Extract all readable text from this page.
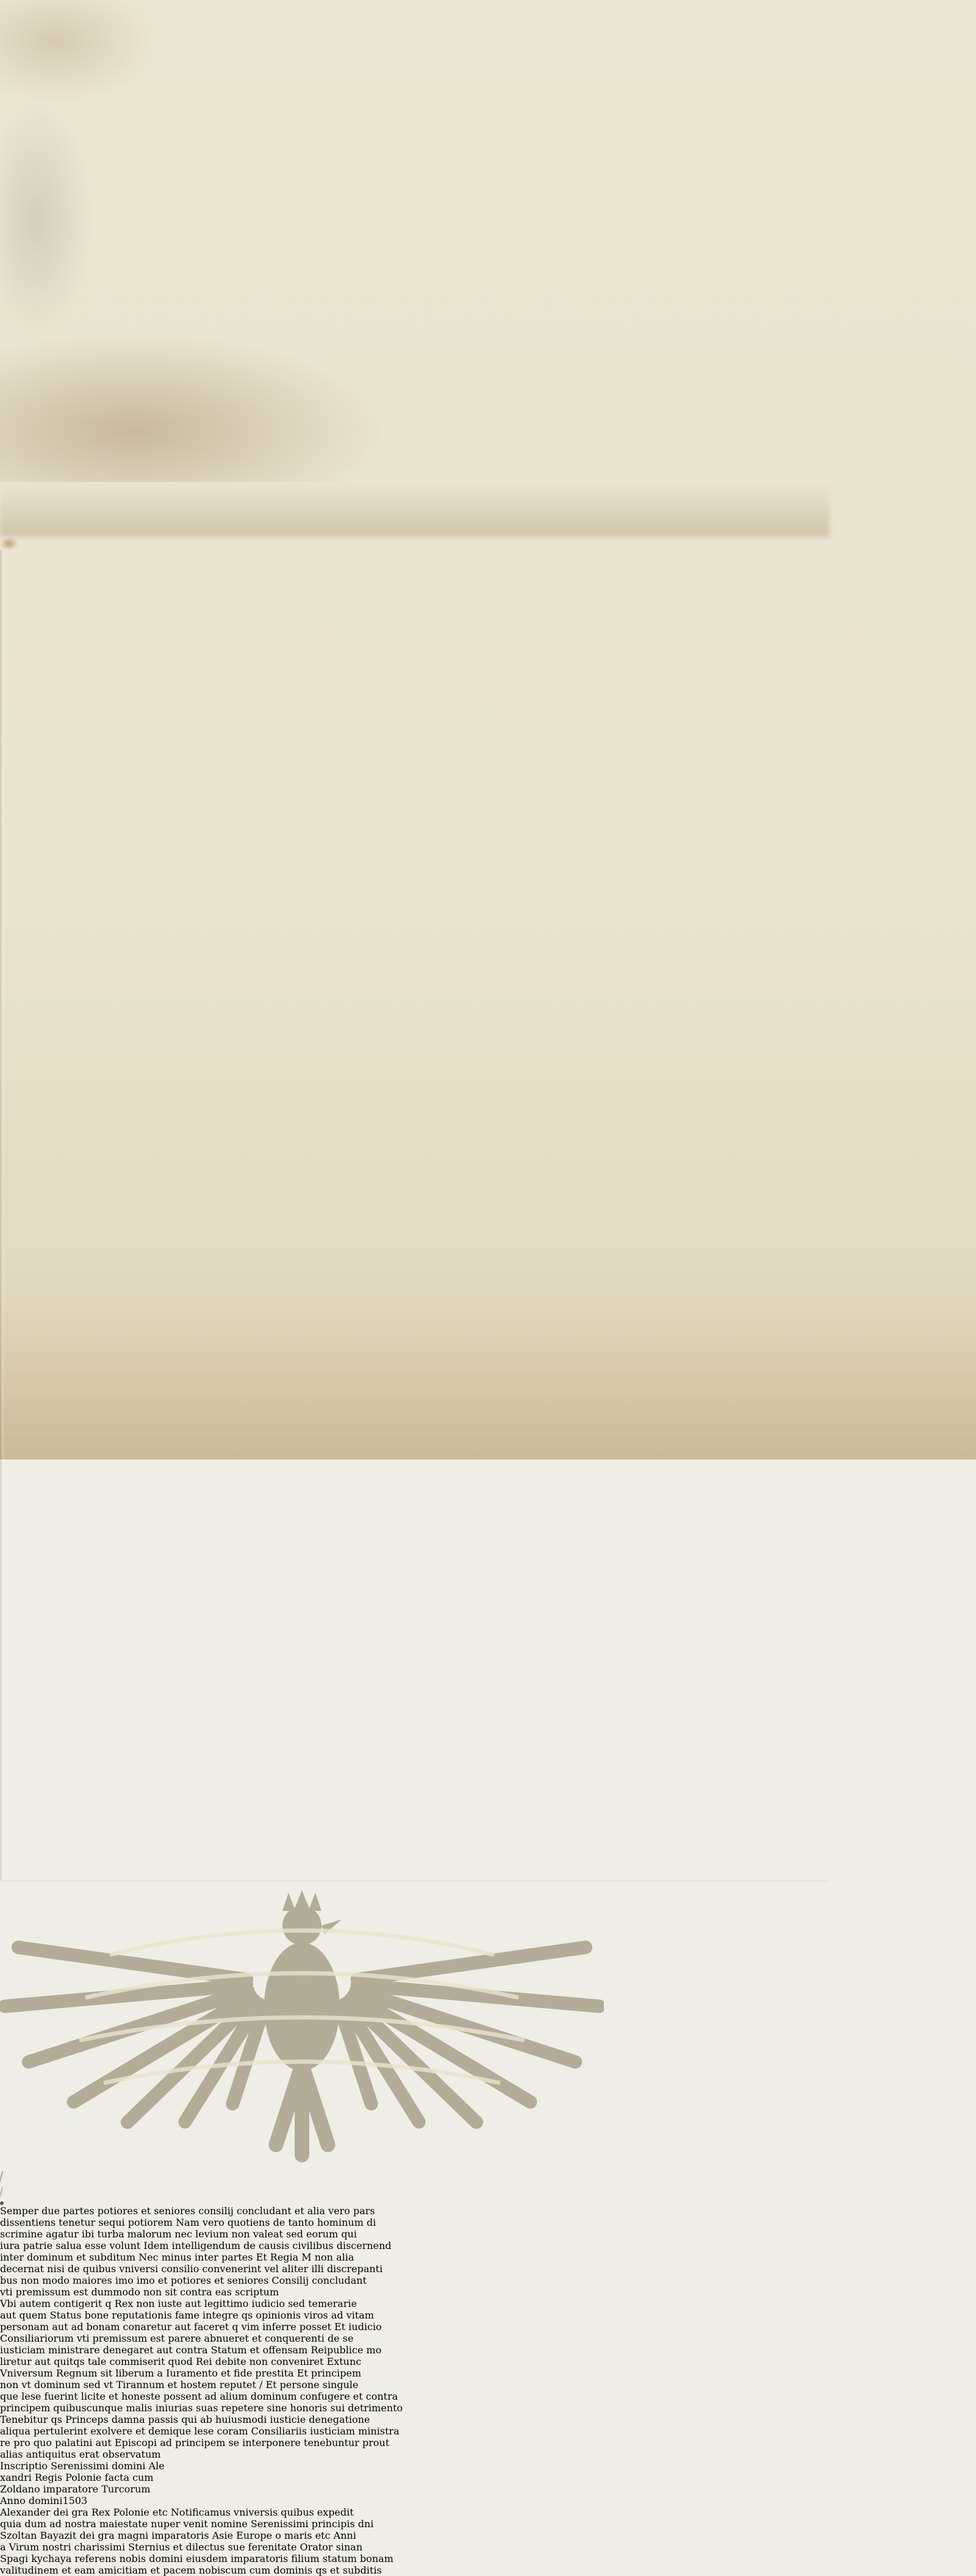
Semper due partes potiores et seniores consilij concludant et alia vero pars
dissentiens tenetur sequi potiorem Nam vero quotiens de tanto hominum di
scrimine agatur ibi turba malorum nec levium non valeat sed eorum qui
iura patrie salua esse volunt Idem intelligendum de causis civilibus discernend
inter dominum et subditum Nec minus inter partes Et Regia M non alia
decernat nisi de quibus vniversi consilio convenerint vel aliter illi discrepanti
bus non modo maiores imo imo et potiores et seniores Consilij concludant
vti premissum est dummodo non sit contra eas scriptum
Vbi autem contigerit q Rex non iuste aut legittimo iudicio sed temerarie
aut quem Status bone reputationis fame integre qs opinionis viros ad vitam
personam aut ad bonam conaretur aut faceret q vim inferre posset Et iudicio
Consiliariorum vti premissum est parere abnueret et conquerenti de se
iusticiam ministrare denegaret aut contra Statum et offensam Reipublice mo
liretur aut quitqs tale commiserit quod Rei debite non conveniret Extunc
Vniversum Regnum sit liberum a Iuramento et fide prestita Et principem
non vt dominum sed vt Tirannum et hostem reputet / Et persone singule
que lese fuerint licite et honeste possent ad alium dominum confugere et contra
principem quibuscunque malis iniurias suas repetere sine honoris sui detrimento
Tenebitur qs Princeps damna passis qui ab huiusmodi iusticie denegatione
aliqua pertulerint exolvere et demique lese coram Consiliariis iusticiam ministra
re pro quo palatini aut Episcopi ad principem se interponere tenebuntur prout
alias antiquitus erat observatum
Inscriptio Serenissimi domini Ale
xandri Regis Polonie facta cum
Zoldano imparatore Turcorum
Anno domini1503
Alexander dei gra Rex Polonie etc Notificamus vniversis quibus expedit
quia dum ad nostra maiestate nuper venit nomine Serenissimi principis dni
Szoltan Bayazit dei gra magni imparatoris Asie Europe o maris etc Anni
a Virum nostri charissimi Sternius et dilectus sue ferenitate Orator sinan
Spagi kychaya referens nobis domini eiusdem imparatoris filium statum bonam
valitudinem et eam amicitiam et pacem nobiscum cum dominis qs et subditis
